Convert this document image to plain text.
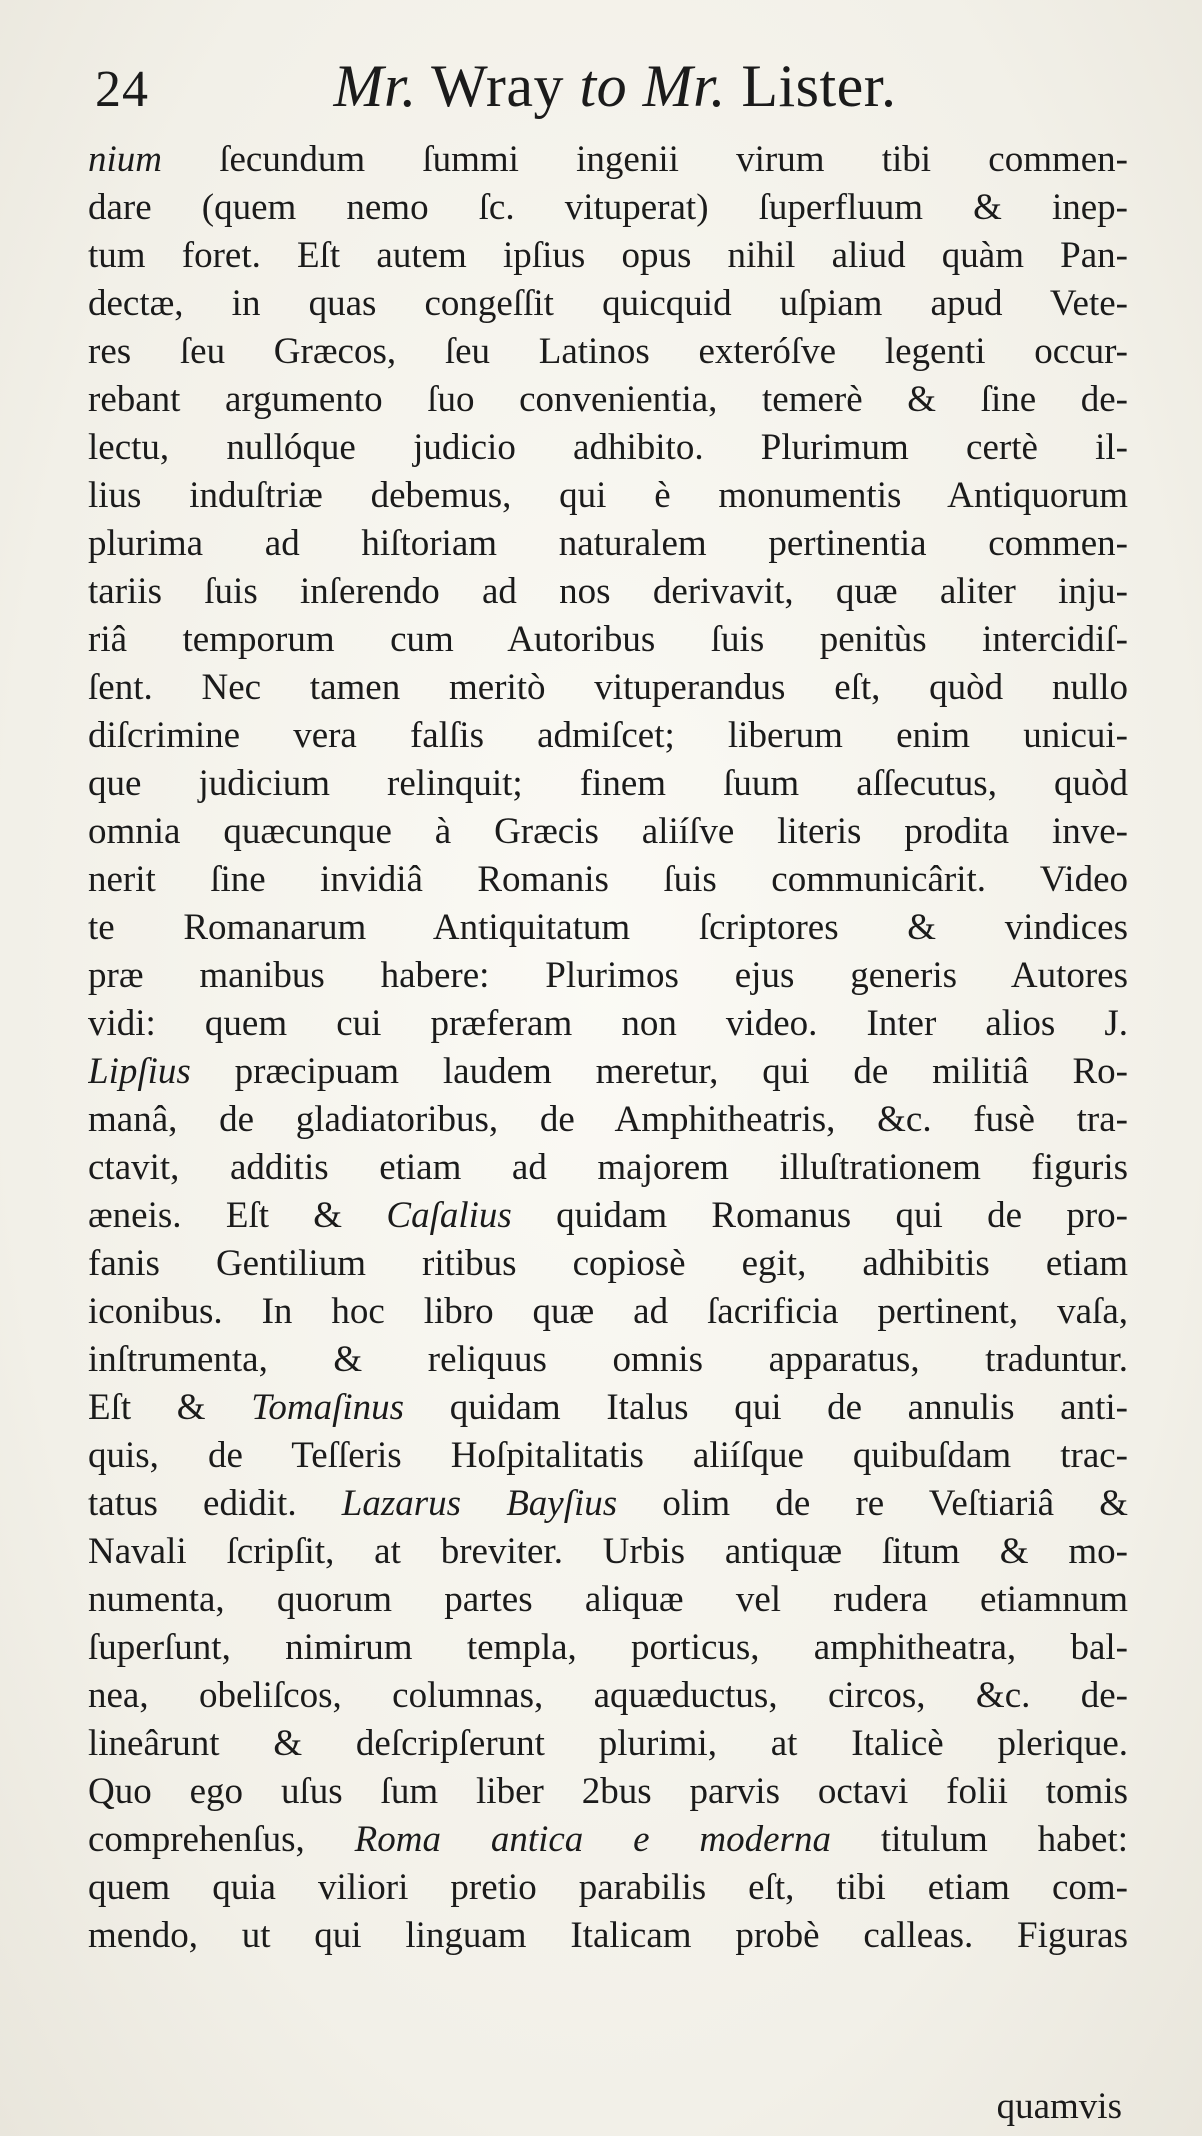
24	Mr. Wray to Mr. Lister.
nium ſecundum ſummi ingenii virum tibi commen-
dare (quem nemo ſc. vituperat) ſuperfluum & inep-
tum foret. Eſt autem ipſius opus nihil aliud quàm Pan-
dectæ, in quas congeſſit quicquid uſpiam apud Vete-
res ſeu Græcos, ſeu Latinos exteróſve legenti occur-
rebant argumento ſuo convenientia, temerè & ſine de-
lectu, nullóque judicio adhibito. Plurimum certè il-
lius induſtriæ debemus, qui è monumentis Antiquorum
plurima ad hiſtoriam naturalem pertinentia commen-
tariis ſuis inſerendo ad nos derivavit, quæ aliter inju-
riâ temporum cum Autoribus ſuis penitùs intercidiſ-
ſent. Nec tamen meritò vituperandus eſt, quòd nullo
diſcrimine vera falſis admiſcet; liberum enim unicui-
que judicium relinquit; finem ſuum aſſecutus, quòd
omnia quæcunque à Græcis aliíſve literis prodita inve-
nerit ſine invidiâ Romanis ſuis communicârit. Video
te Romanarum Antiquitatum ſcriptores & vindices
præ manibus habere: Plurimos ejus generis Autores
vidi: quem cui præferam non video. Inter alios J.
Lipſius præcipuam laudem meretur, qui de militiâ Ro-
manâ, de gladiatoribus, de Amphitheatris, &c. fusè tra-
ctavit, additis etiam ad majorem illuſtrationem figuris
æneis. Eſt & Caſalius quidam Romanus qui de pro-
fanis Gentilium ritibus copiosè egit, adhibitis etiam
iconibus. In hoc libro quæ ad ſacrificia pertinent, vaſa,
inſtrumenta, & reliquus omnis apparatus, traduntur.
Eſt & Tomaſinus quidam Italus qui de annulis anti-
quis, de Teſſeris Hoſpitalitatis aliíſque quibuſdam trac-
tatus edidit. Lazarus Bayſius olim de re Veſtiariâ &
Navali ſcripſit, at breviter. Urbis antiquæ ſitum & mo-
numenta, quorum partes aliquæ vel rudera etiamnum
ſuperſunt, nimirum templa, porticus, amphitheatra, bal-
nea, obeliſcos, columnas, aquæductus, circos, &c. de-
lineârunt & deſcripſerunt plurimi, at Italicè plerique.
Quo ego uſus ſum liber 2bus parvis octavi folii tomis
comprehenſus, Roma antica e moderna titulum habet:
quem quia viliori pretio parabilis eſt, tibi etiam com-
mendo, ut qui linguam Italicam probè calleas. Figuras
quamvis
